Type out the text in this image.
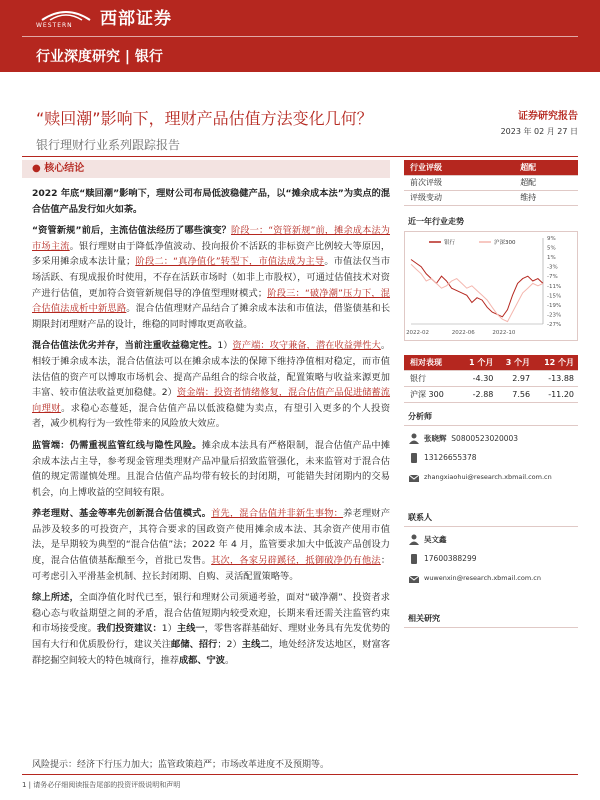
WESTERN 西部证券
行业深度研究 | 银行
“赎回潮”影响下，理财产品估值方法变化几何？	证券研究报告
银行理财行业系列跟踪报告
2023 年 02 月 27 日
● 核心结论

2022 年底“赎回潮”影响下，理财公司布局低波稳健产品，以“摊余成本法”为卖点的混合估值产品发行如火如荼。

“资管新规”前后，主流估值法经历了哪些演变？阶段一：“资管新规”前，摊余成本法为市场主流。银行理财由于降低净值波动、投向报价不活跃的非标资产比例较大等原因，多采用摊余成本法计量；阶段二：“真净值化”转型下，市值法成为主导。市值法仅当市场活跃、有现成报价时使用，不存在活跃市场时（如非上市股权），可通过估值技术对资产进行估值，更加符合资管新规倡导的净值型理财模式；阶段三：“破净潮”压力下，混合估值法成析中新思路。混合估值理财产品结合了摊余成本法和市值法，借鉴债基和长期限封闭理财产品的设计，维稳的同时博取更高收益。

混合估值法优劣并存，当前注重收益稳定性。1）资产端：攻守兼备，潜在收益弹性大。相较于摊余成本法，混合估值法可以在摊余成本法的保障下维持净值相对稳定，而市值法估值的资产可以博取市场机会、提高产品组合的综合收益，配置策略与收益来源更加丰富、较市值法收益更加稳健。2）资金端：投资者情绪修复，混合估值产品促进储蓄流向理财。求稳心态蔓延，混合估值产品以低波稳健为卖点，有望引入更多的个人投资者，减少机构行为一致性带来的风险放大效应。

监管端：仍需重视监管红线与隐性风险。摊余成本法具有严格限制，混合估值产品中摊余成本法占主导，参考现金管理类理财产品冲量后招致监管强化，未来监管对于混合估值的规定需谨慎处理。且混合估值产品均带有较长的封闭期，可能错失封闭期内的交易机会，向上博收益的空间较有限。

养老理财、基金等率先创新混合估值模式。首先，混合估值并非新生事物：养老理财产品涉及较多的可投资产，其符合要求的国政资产使用摊余成本法、其余资产使用市值法，是早期较为典型的“混合估值”法；2022 年 4 月，监管要求加大中低波产品创设力度，混合估值债基酝酿至今，首批已发售。其次，各家另辟蹊径，抵御破净仍有他法：可考虑引入平滑基金机制、拉长封闭期、自购、灵活配置策略等。

综上所述，全面净值化时代已至，银行和理财公司须通考验，面对“破净潮”、投资者求稳心态与收益期望之间的矛盾，混合估值短期内较受欢迎，长期来看还需关注监管约束和市场接受度。我们投资建议：1）主线一，零售客群基础好、理财业务具有先发优势的国有大行和优质股份行，建议关注邮储、招行；2）主线二，地处经济发达地区，财富客群挖掘空间较大的特色城商行，推荐成都、宁波。

风险提示：经济下行压力加大；监管政策趋严；市场改革进度不及预期等。
行业评级	超配
前次评级	超配
评级变动	维持
近一年行业走势
9%
5%
1%
-3%
-7%
-11%
-15%
-19%
-23%
-27%
2022-02	2022-06	2022-10
银行	沪深300
相对表现	1 个月	3 个月	12 个月
银行	-4.30	2.97	-13.88
沪深 300	-2.88	7.56	-11.20
分析师
张晓辉 S0800523020003
13126655378
zhangxiaohui@research.xbmail.com.cn
联系人
吴文鑫
17600388299
wuwenxin@research.xbmail.com.cn
相关研究
1 | 请务必仔细阅读报告尾部的投资评级说明和声明
